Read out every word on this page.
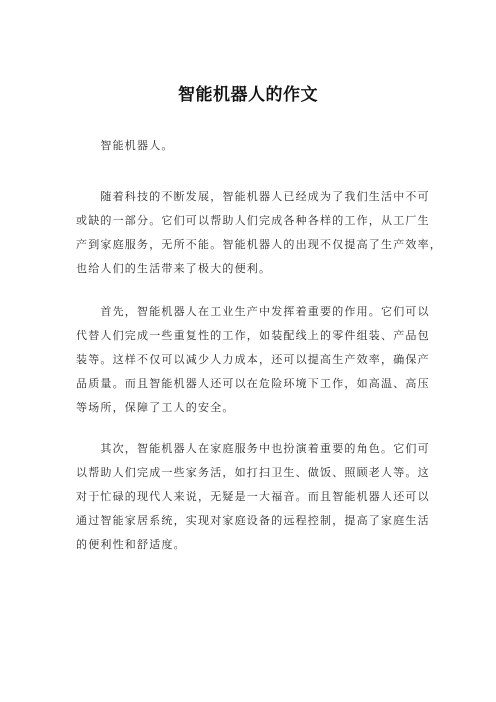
智能机器人的作文
　　智能机器人。
　　随着科技的不断发展，智能机器人已经成为了我们生活中不可
或缺的一部分。它们可以帮助人们完成各种各样的工作，从工厂生
产到家庭服务，无所不能。智能机器人的出现不仅提高了生产效率，
也给人们的生活带来了极大的便利。
　　首先，智能机器人在工业生产中发挥着重要的作用。它们可以
代替人们完成一些重复性的工作，如装配线上的零件组装、产品包
装等。这样不仅可以减少人力成本，还可以提高生产效率，确保产
品质量。而且智能机器人还可以在危险环境下工作，如高温、高压
等场所，保障了工人的安全。
　　其次，智能机器人在家庭服务中也扮演着重要的角色。它们可
以帮助人们完成一些家务活，如打扫卫生、做饭、照顾老人等。这
对于忙碌的现代人来说，无疑是一大福音。而且智能机器人还可以
通过智能家居系统，实现对家庭设备的远程控制，提高了家庭生活
的便利性和舒适度。
